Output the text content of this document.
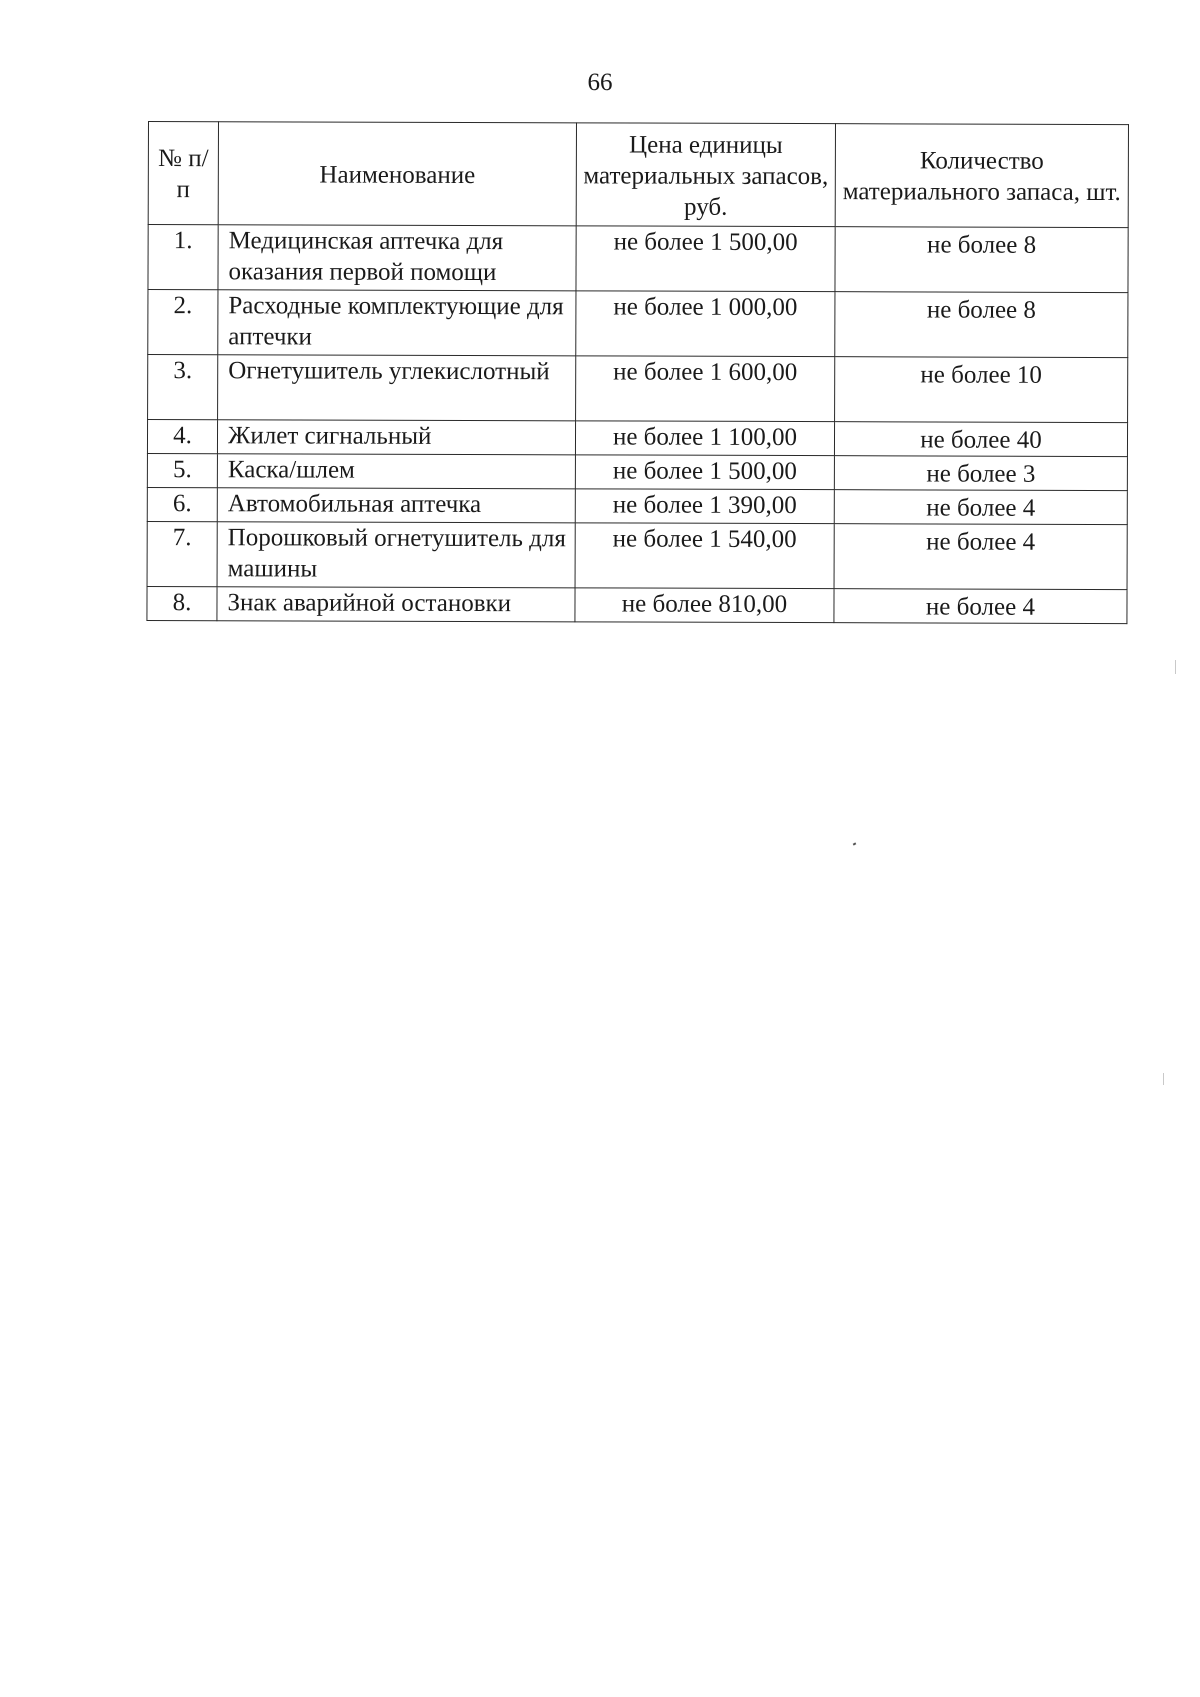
66
№ п/п	Наименование	Цена единицы материальных запасов, руб.	Количество материального запаса, шт.
1.	Медицинская аптечка для оказания первой помощи	не более 1 500,00	не более 8
2.	Расходные комплектующие для аптечки	не более 1 000,00	не более 8
3.	Огнетушитель углекислотный	не более 1 600,00	не более 10
4.	Жилет сигнальный	не более 1 100,00	не более 40
5.	Каска/шлем	не более 1 500,00	не более 3
6.	Автомобильная аптечка	не более 1 390,00	не более 4
7.	Порошковый огнетушитель для машины	не более 1 540,00	не более 4
8.	Знак аварийной остановки	не более 810,00	не более 4
